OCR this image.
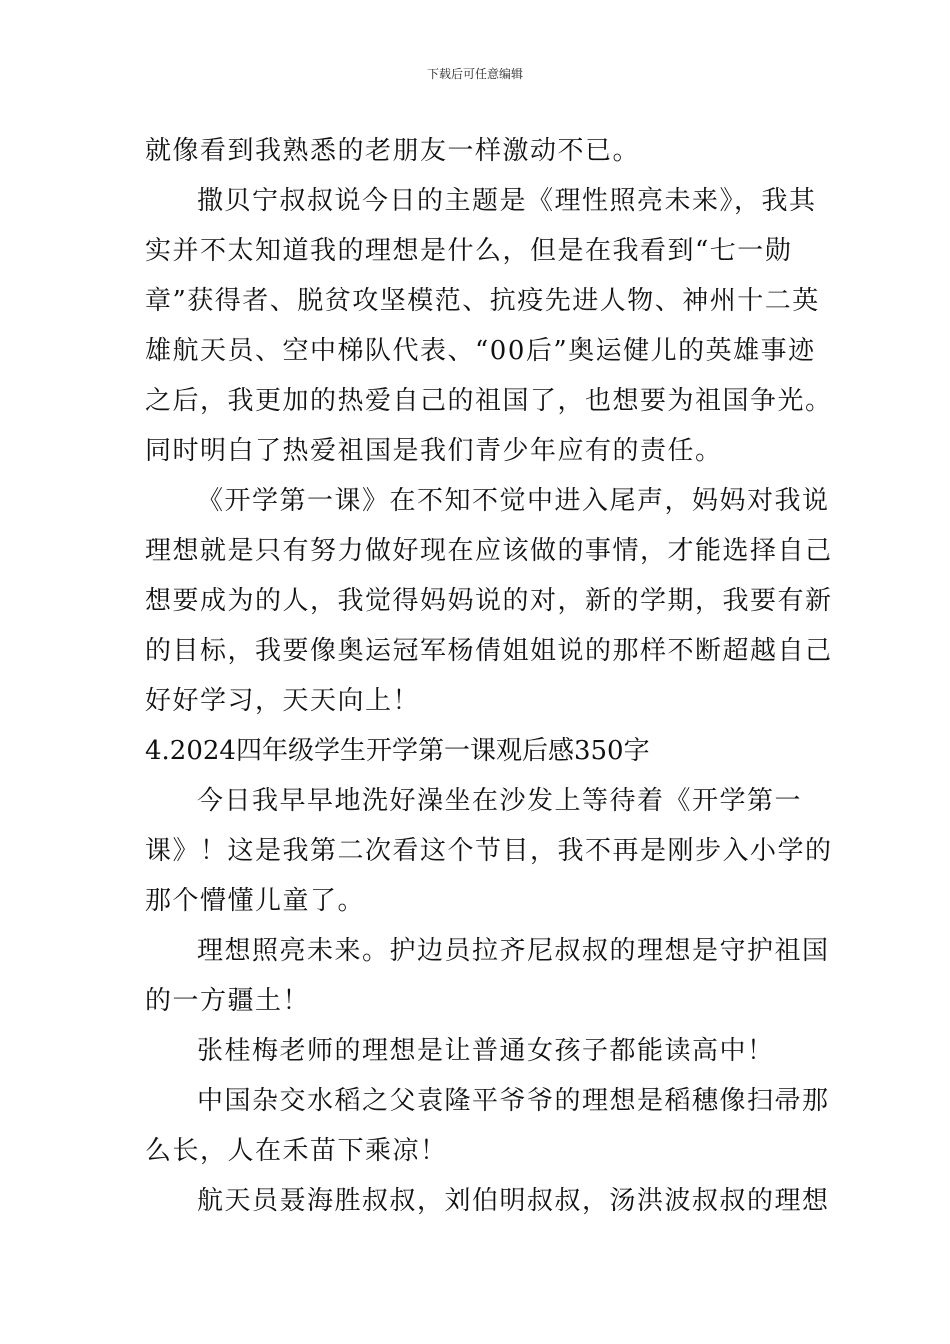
下载后可任意编辑
就像看到我熟悉的老朋友一样激动不已。
撒贝宁叔叔说今日的主题是《理性照亮未来》，我其
实并不太知道我的理想是什么，但是在我看到“七一勋
章”获得者、脱贫攻坚模范、抗疫先进人物、神州十二英
雄航天员、空中梯队代表、“00后”奥运健儿的英雄事迹
之后，我更加的热爱自己的祖国了，也想要为祖国争光。
同时明白了热爱祖国是我们青少年应有的责任。
《开学第一课》在不知不觉中进入尾声，妈妈对我说
理想就是只有努力做好现在应该做的事情，才能选择自己
想要成为的人，我觉得妈妈说的对，新的学期，我要有新
的目标，我要像奥运冠军杨倩姐姐说的那样不断超越自己
好好学习，天天向上！
4.2024四年级学生开学第一课观后感350字
今日我早早地洗好澡坐在沙发上等待着《开学第一
课》！这是我第二次看这个节目，我不再是刚步入小学的
那个懵懂儿童了。
理想照亮未来。护边员拉齐尼叔叔的理想是守护祖国
的一方疆土！
张桂梅老师的理想是让普通女孩子都能读高中！
中国杂交水稻之父袁隆平爷爷的理想是稻穗像扫帚那
么长，人在禾苗下乘凉！
航天员聂海胜叔叔，刘伯明叔叔，汤洪波叔叔的理想
